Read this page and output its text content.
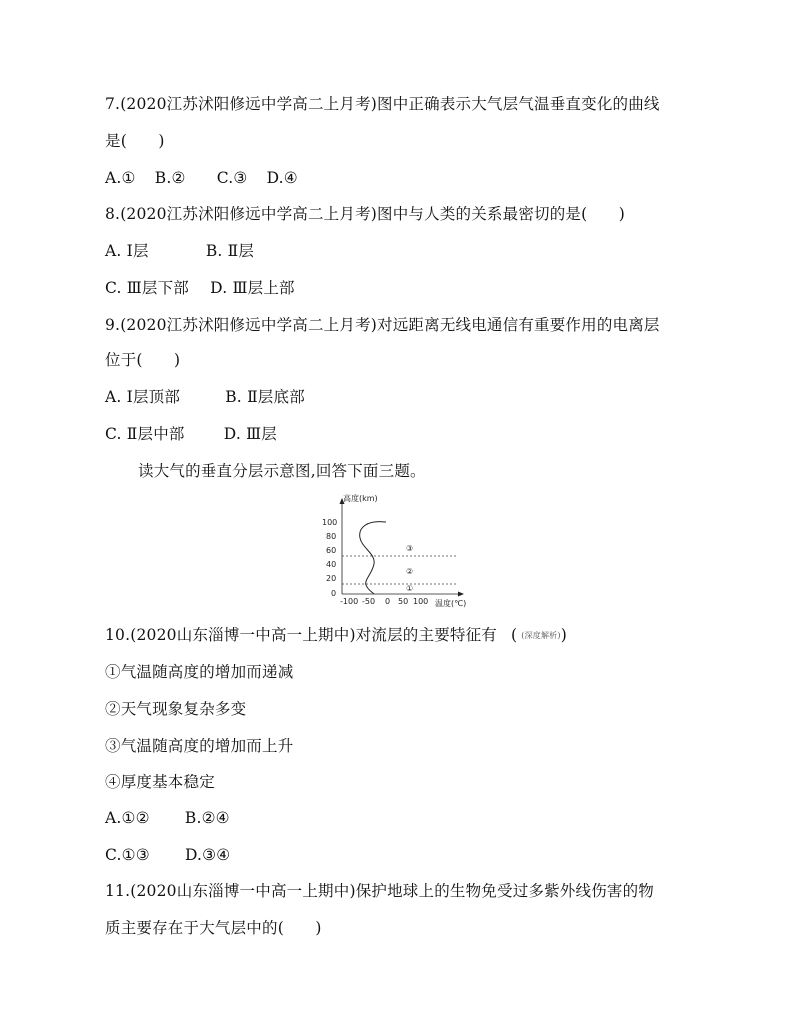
7.(2020江苏沭阳修远中学高二上月考)图中正确表示大气层气温垂直变化的曲线
是(　　)
A.① B.② C.③ D.④
8.(2020江苏沭阳修远中学高二上月考)图中与人类的关系最密切的是(　　)
A. Ⅰ层	B. Ⅱ层
C. Ⅲ层下部 D. Ⅲ层上部
9.(2020江苏沭阳修远中学高二上月考)对远距离无线电通信有重要作用的电离层
位于(　　)
A. Ⅰ层顶部	B. Ⅱ层底部
C. Ⅱ层中部	D. Ⅲ层
读大气的垂直分层示意图,回答下面三题。
高度(km)
100
80
60
40
20
0
③
②
①
-100 -50 0 50 100 温度(℃)
10.(2020山东淄博一中高一上期中)对流层的主要特征有 ( (深度解析))
①气温随高度的增加而递减
②天气现象复杂多变
③气温随高度的增加而上升
④厚度基本稳定
A.①② B.②④
C.①③ D.③④
11.(2020山东淄博一中高一上期中)保护地球上的生物免受过多紫外线伤害的物
质主要存在于大气层中的(　　)
